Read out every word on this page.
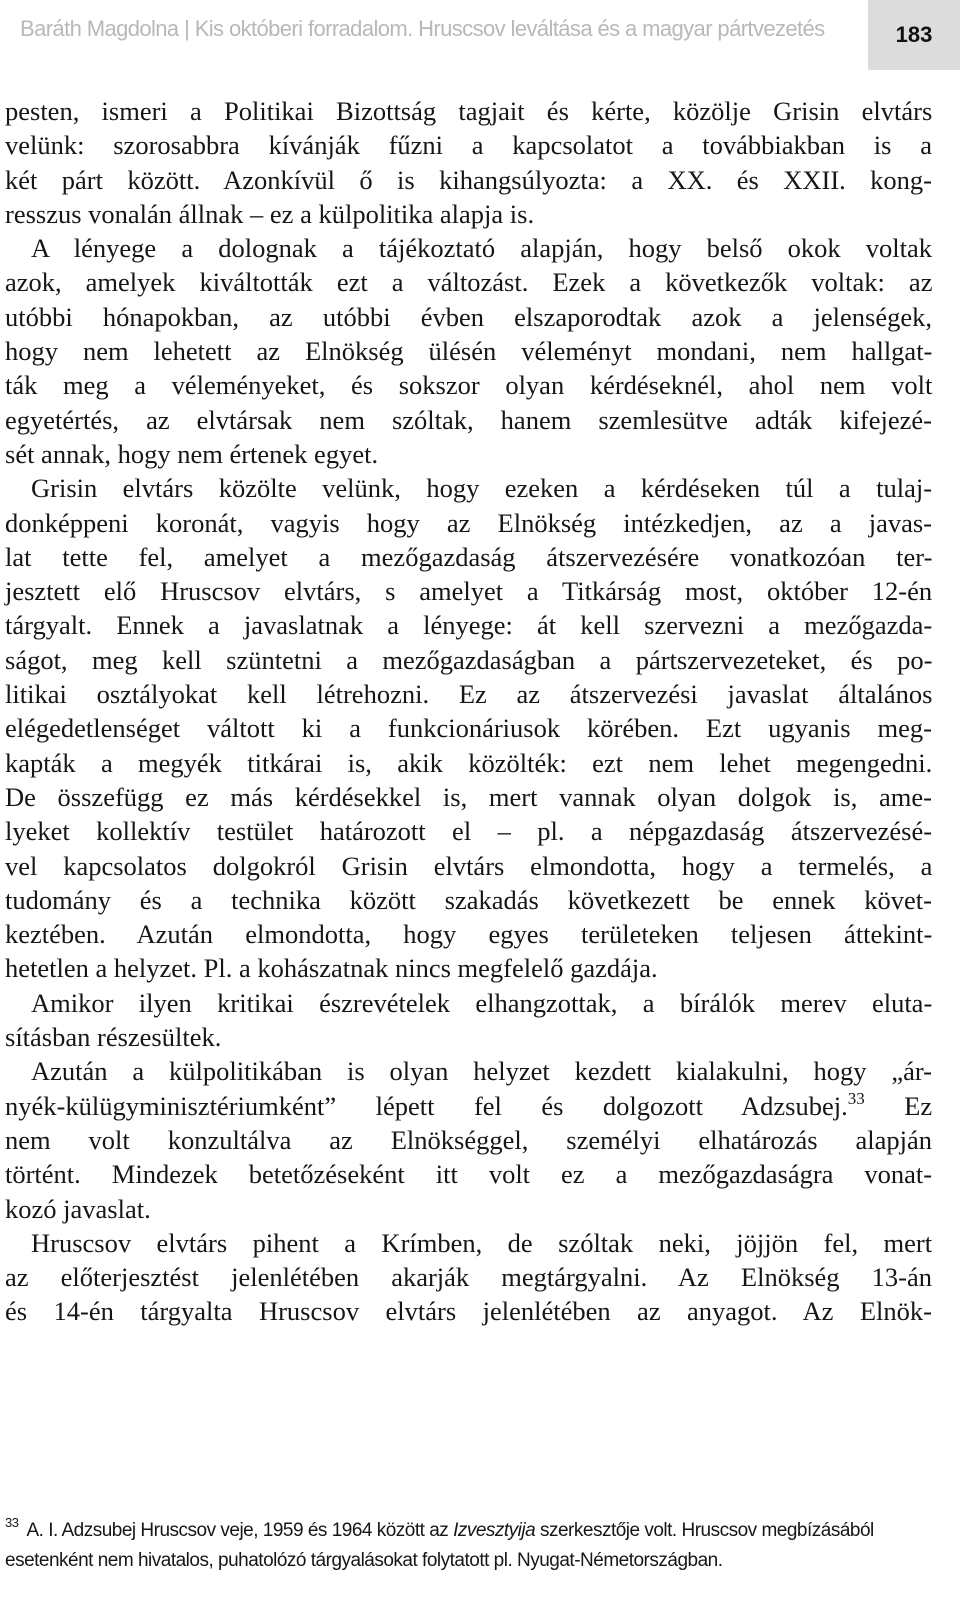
Baráth Magdolna | Kis októberi forradalom. Hruscsov leváltása és a magyar pártvezetés	183
pesten, ismeri a Politikai Bizottság tagjait és kérte, közölje Grisin elvtárs
velünk: szorosabbra kívánják fűzni a kapcsolatot a továbbiakban is a
két párt között. Azonkívül ő is kihangsúlyozta: a XX. és XXII. kong-
resszus vonalán állnak – ez a külpolitika alapja is.
A lényege a dolognak a tájékoztató alapján, hogy belső okok voltak
azok, amelyek kiváltották ezt a változást. Ezek a következők voltak: az
utóbbi hónapokban, az utóbbi évben elszaporodtak azok a jelenségek,
hogy nem lehetett az Elnökség ülésén véleményt mondani, nem hallgat-
ták meg a véleményeket, és sokszor olyan kérdéseknél, ahol nem volt
egyetértés, az elvtársak nem szóltak, hanem szemlesütve adták kifejezé-
sét annak, hogy nem értenek egyet.
Grisin elvtárs közölte velünk, hogy ezeken a kérdéseken túl a tulaj-
donképpeni koronát, vagyis hogy az Elnökség intézkedjen, az a javas-
lat tette fel, amelyet a mezőgazdaság átszervezésére vonatkozóan ter-
jesztett elő Hruscsov elvtárs, s amelyet a Titkárság most, október 12-én
tárgyalt. Ennek a javaslatnak a lényege: át kell szervezni a mezőgazda-
ságot, meg kell szüntetni a mezőgazdaságban a pártszervezeteket, és po-
litikai osztályokat kell létrehozni. Ez az átszervezési javaslat általános
elégedetlenséget váltott ki a funkcionáriusok körében. Ezt ugyanis meg-
kapták a megyék titkárai is, akik közölték: ezt nem lehet megengedni.
De összefügg ez más kérdésekkel is, mert vannak olyan dolgok is, ame-
lyeket kollektív testület határozott el – pl. a népgazdaság átszervezésé-
vel kapcsolatos dolgokról Grisin elvtárs elmondotta, hogy a termelés, a
tudomány és a technika között szakadás következett be ennek követ-
keztében. Azután elmondotta, hogy egyes területeken teljesen áttekint-
hetetlen a helyzet. Pl. a kohászatnak nincs megfelelő gazdája.
Amikor ilyen kritikai észrevételek elhangzottak, a bírálók merev eluta-
sításban részesültek.
Azután a külpolitikában is olyan helyzet kezdett kialakulni, hogy „ár-
nyék-külügyminisztériumként” lépett fel és dolgozott Adzsubej.$^{33}$ Ez
nem volt konzultálva az Elnökséggel, személyi elhatározás alapján
történt. Mindezek betetőzéseként itt volt ez a mezőgazdaságra vonat-
kozó javaslat.
Hruscsov elvtárs pihent a Krímben, de szóltak neki, jöjjön fel, mert
az előterjesztést jelenlétében akarják megtárgyalni. Az Elnökség 13-án
és 14-én tárgyalta Hruscsov elvtárs jelenlétében az anyagot. Az Elnök-
$^{33}$ A. I. Adzsubej Hruscsov veje, 1959 és 1964 között az Izvesztyija szerkesztője volt. Hruscsov megbízásából
esetenként nem hivatalos, puhatolózó tárgyalásokat folytatott pl. Nyugat-Németországban.
